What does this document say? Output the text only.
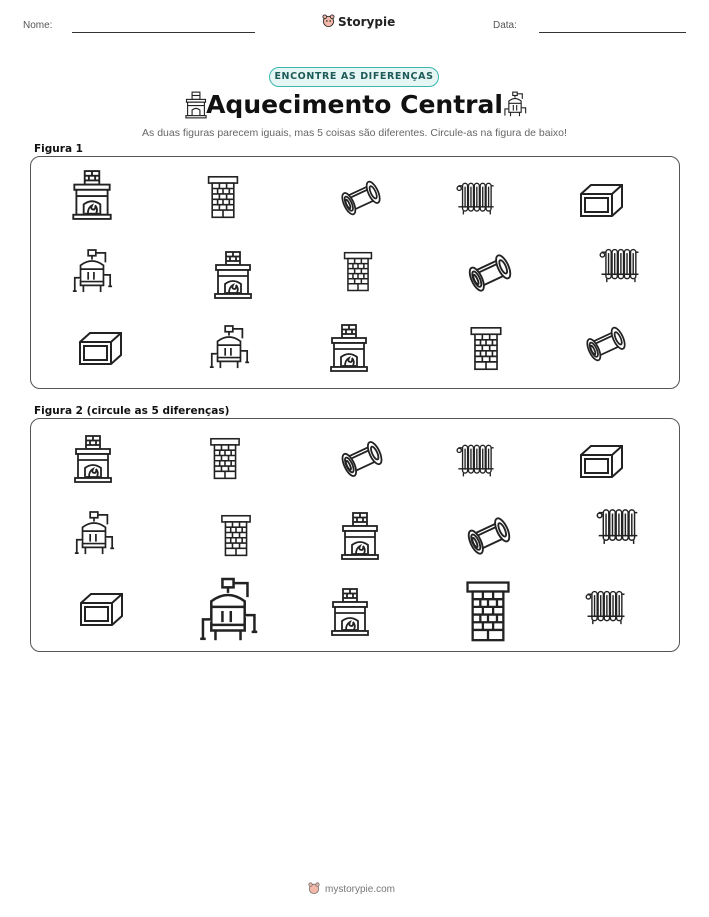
Nome:	Storypie	Data:
ENCONTRE AS DIFERENÇAS
Aquecimento Central
As duas figuras parecem iguais, mas 5 coisas são diferentes. Circule-as na figura de baixo!
Figura 1
Figura 2 (circule as 5 diferenças)
mystorypie.com
